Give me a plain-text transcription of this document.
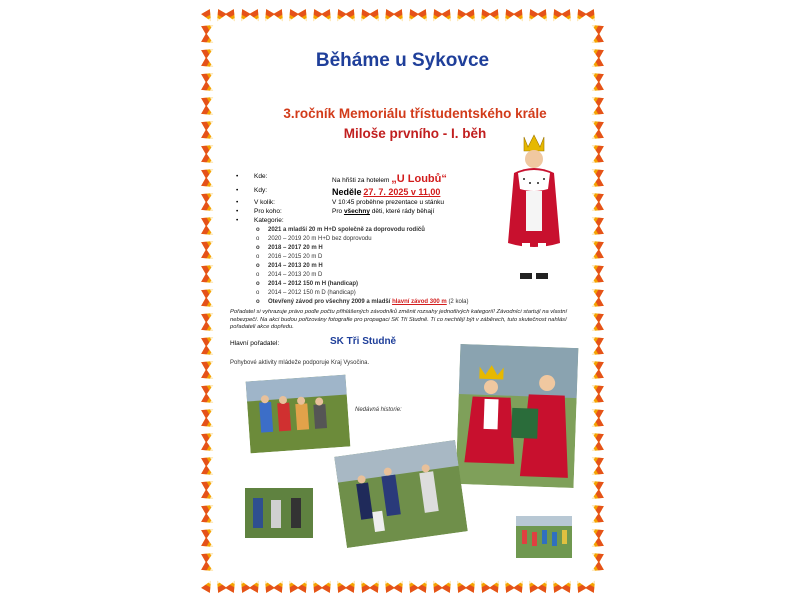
Běháme u Sykovce
3.ročník Memoriálu třístudentského krále
Miloše prvního - I. běh
• Kde:
Na hřišti za hotelem „U Loubů“
• Kdy:	Neděle 27. 7. 2025 v 11,00
• V kolik:	V 10:45 proběhne prezentace u stánku
• Pro koho:	Pro všechny děti, které rády běhají
• Kategorie:
o 2021 a mladší 20 m H+D společně za doprovodu rodičů
o 2020 – 2019 20 m H+D bez doprovodu
o 2018 – 2017 20 m H
o 2016 – 2015 20 m D
o 2014 – 2013 20 m H
o 2014 – 2013 20 m D
o 2014 – 2012 150 m H (handicap)
o 2014 – 2012 150 m D (handicap)
o Otevřený závod pro všechny 2009 a mladší hlavní závod 300 m (2 kola)
Pořadatel si vyhrazuje právo podle počtu přihlášených závodníků změnit rozsahy jednotlivých kategorií! Závodníci startují na vlastní nebezpečí. Na akci budou pořizovány fotografie pro propagaci SK Tři Studně. Ti co nechtějí být v záběrech, tuto skutečnost nahlásí pořadateli akce dopředu.
Hlavní pořadatel:	SK Tři Studně
Pohybové aktivity mládeže podporuje Kraj Vysočina.
Nedávná historie:
